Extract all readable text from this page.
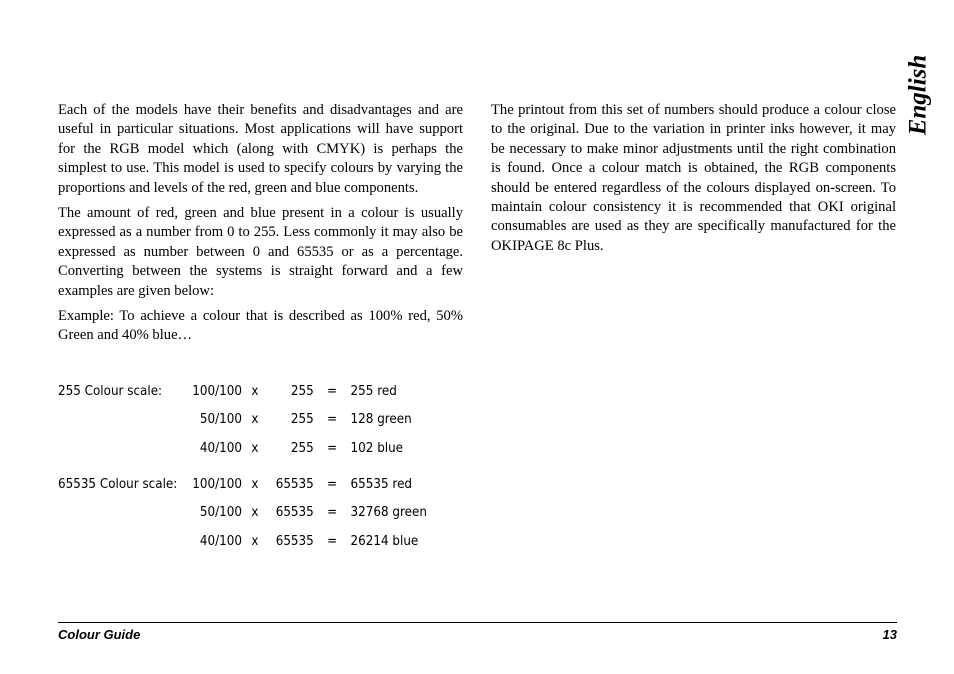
English

Each of the models have their benefits and disadvantages and are useful in particular situations. Most applications will have support for the RGB model which (along with CMYK) is perhaps the simplest to use. This model is used to specify colours by varying the proportions and levels of the red, green and blue components.

The amount of red, green and blue present in a colour is usually expressed as a number from 0 to 255. Less commonly it may also be expressed as number between 0 and 65535 or as a percentage. Converting between the systems is straight forward and a few examples are given below:

Example: To achieve a colour that is described as 100% red, 50% Green and 40% blue…

255 Colour scale:	100/100	x	255	=	255 red
	50/100	x	255	=	128 green
	40/100	x	255	=	102 blue
65535 Colour scale:	100/100	x	65535	=	65535 red
	50/100	x	65535	=	32768 green
	40/100	x	65535	=	26214 blue

The printout from this set of numbers should produce a colour close to the original. Due to the variation in printer inks however, it may be necessary to make minor adjustments until the right combination is found. Once a colour match is obtained, the RGB components should be entered regardless of the colours displayed on-screen. To maintain colour consistency it is recommended that OKI original consumables are used as they are specifically manufactured for the OKIPAGE 8c Plus.

Colour Guide	13
